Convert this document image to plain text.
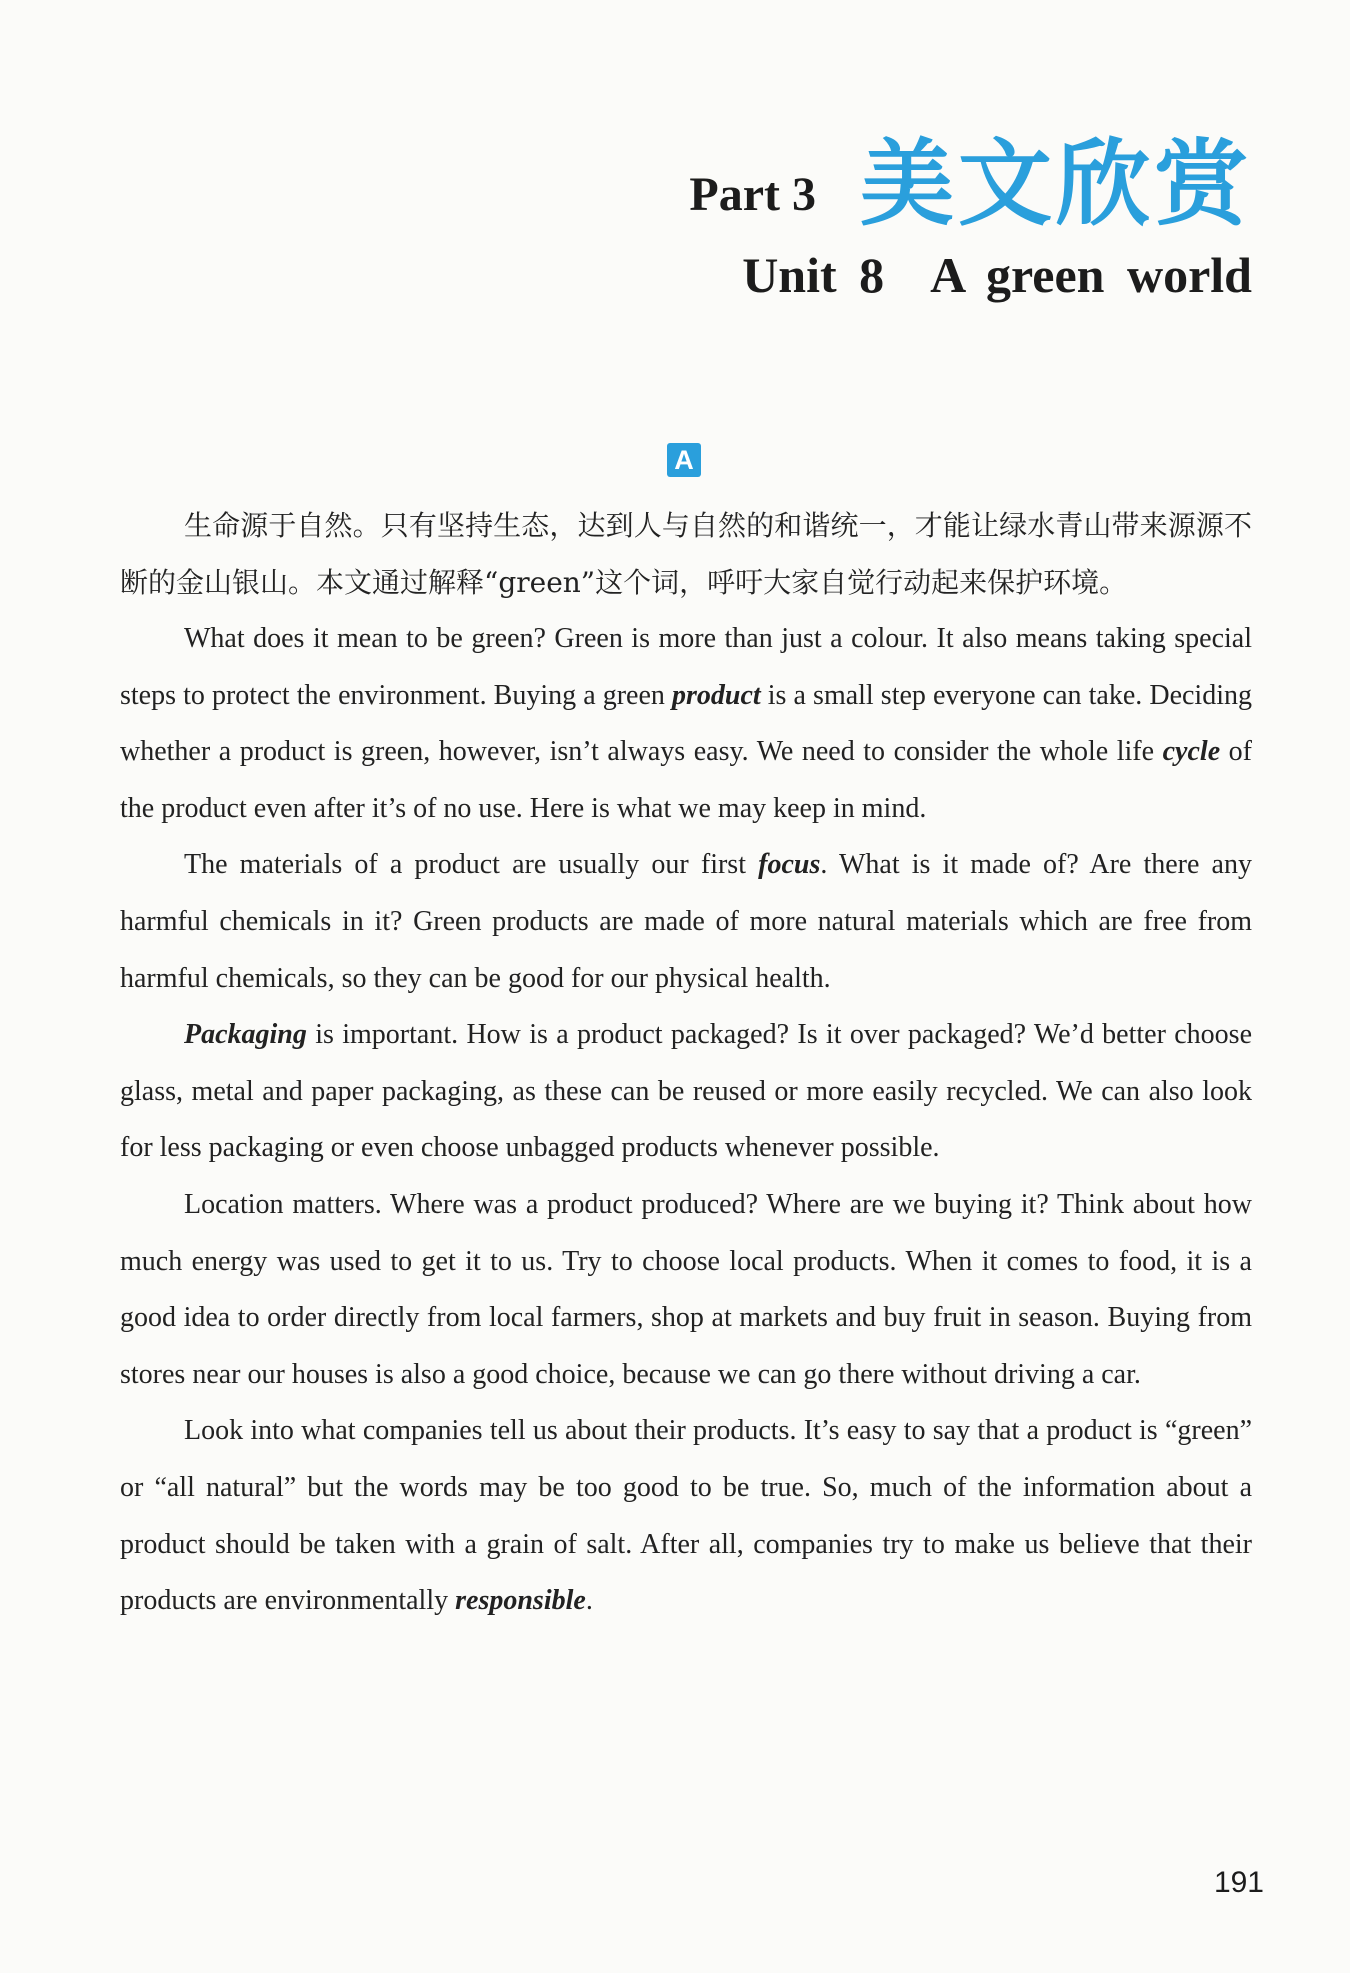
Part 3 美文欣赏
Unit 8 A green world
A

生命源于自然。只有坚持生态，达到人与自然的和谐统一，才能让绿水青山带来源源不断的金山银山。本文通过解释“green”这个词，呼吁大家自觉行动起来保护环境。

What does it mean to be green? Green is more than just a colour. It also means taking special steps to protect the environment. Buying a green product is a small step everyone can take. Deciding whether a product is green, however, isn’t always easy. We need to consider the whole life cycle of the product even after it’s of no use. Here is what we may keep in mind.

The materials of a product are usually our first focus. What is it made of? Are there any harmful chemicals in it? Green products are made of more natural materials which are free from harmful chemicals, so they can be good for our physical health.

Packaging is important. How is a product packaged? Is it over packaged? We’d better choose glass, metal and paper packaging, as these can be reused or more easily recycled. We can also look for less packaging or even choose unbagged products whenever possible.

Location matters. Where was a product produced? Where are we buying it? Think about how much energy was used to get it to us. Try to choose local products. When it comes to food, it is a good idea to order directly from local farmers, shop at markets and buy fruit in season. Buying from stores near our houses is also a good choice, because we can go there without driving a car.

Look into what companies tell us about their products. It’s easy to say that a product is “green” or “all natural” but the words may be too good to be true. So, much of the information about a product should be taken with a grain of salt. After all, companies try to make us believe that their products are environmentally responsible.

191
